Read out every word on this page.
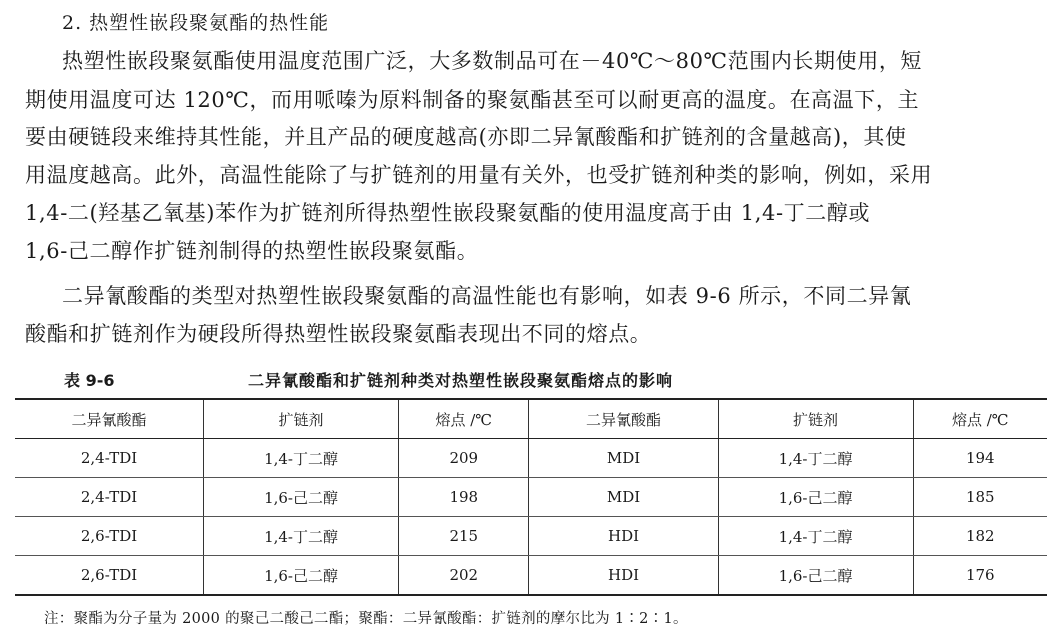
2. 热塑性嵌段聚氨酯的热性能
热塑性嵌段聚氨酯使用温度范围广泛，大多数制品可在－40℃～80℃范围内长期使用，短
期使用温度可达 120℃，而用哌嗪为原料制备的聚氨酯甚至可以耐更高的温度。在高温下，主
要由硬链段来维持其性能，并且产品的硬度越高(亦即二异氰酸酯和扩链剂的含量越高)，其使
用温度越高。此外，高温性能除了与扩链剂的用量有关外，也受扩链剂种类的影响，例如，采用
1,4-二(羟基乙氧基)苯作为扩链剂所得热塑性嵌段聚氨酯的使用温度高于由 1,4-丁二醇或
1,6-己二醇作扩链剂制得的热塑性嵌段聚氨酯。
二异氰酸酯的类型对热塑性嵌段聚氨酯的高温性能也有影响，如表 9-6 所示，不同二异氰
酸酯和扩链剂作为硬段所得热塑性嵌段聚氨酯表现出不同的熔点。
表 9-6	二异氰酸酯和扩链剂种类对热塑性嵌段聚氨酯熔点的影响
二异氰酸酯	扩链剂	熔点 /℃	二异氰酸酯	扩链剂	熔点 /℃
2,4-TDI	1,4-丁二醇	209	MDI	1,4-丁二醇	194
2,4-TDI	1,6-己二醇	198	MDI	1,6-己二醇	185
2,6-TDI	1,4-丁二醇	215	HDI	1,4-丁二醇	182
2,6-TDI	1,6-己二醇	202	HDI	1,6-己二醇	176
注：聚酯为分子量为 2000 的聚己二酸己二酯；聚酯：二异氰酸酯：扩链剂的摩尔比为 1∶2∶1。
